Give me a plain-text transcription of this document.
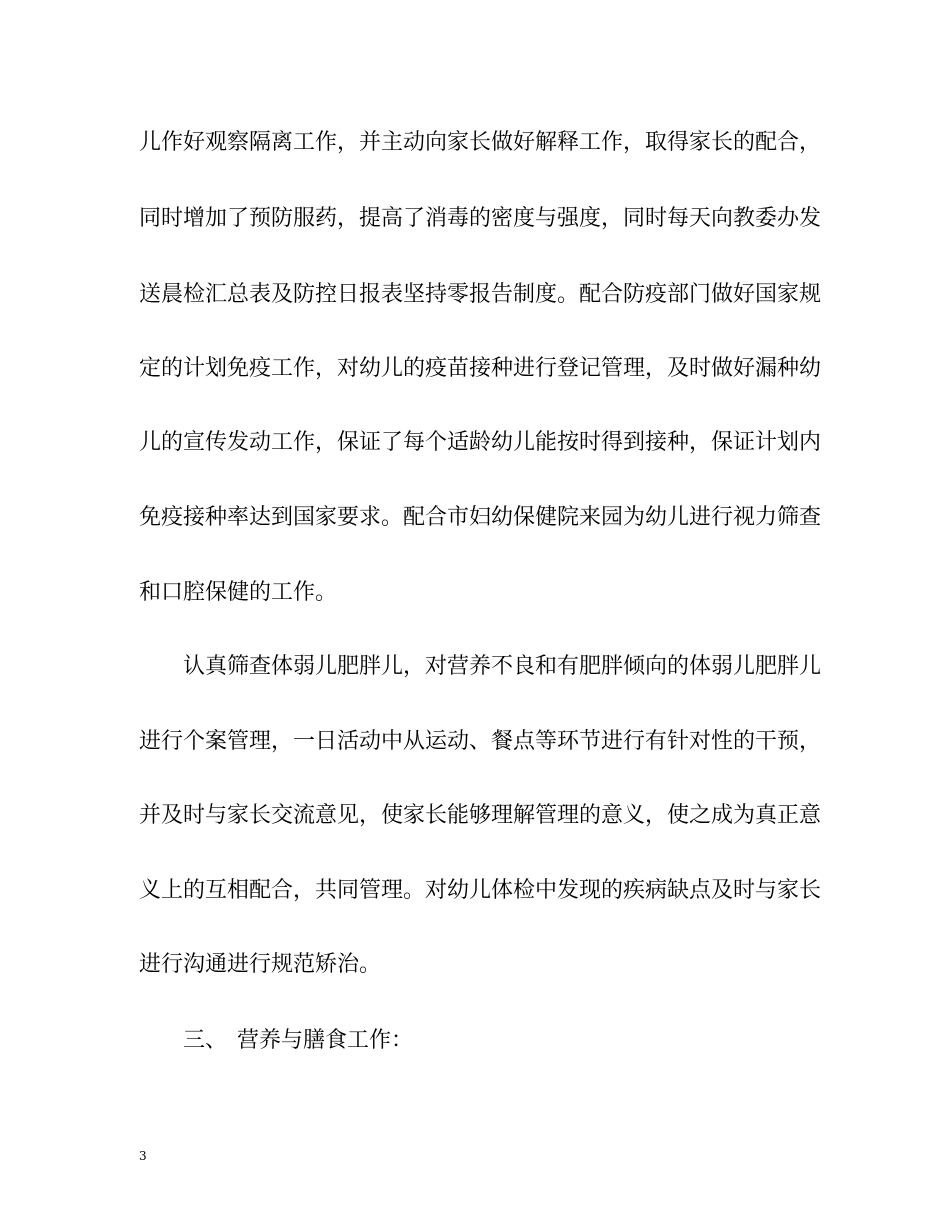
儿作好观察隔离工作，并主动向家长做好解释工作，取得家长的配合，
同时增加了预防服药，提高了消毒的密度与强度，同时每天向教委办发
送晨检汇总表及防控日报表坚持零报告制度。配合防疫部门做好国家规
定的计划免疫工作，对幼儿的疫苗接种进行登记管理，及时做好漏种幼
儿的宣传发动工作，保证了每个适龄幼儿能按时得到接种，保证计划内
免疫接种率达到国家要求。配合市妇幼保健院来园为幼儿进行视力筛查
和口腔保健的工作。
认真筛查体弱儿肥胖儿，对营养不良和有肥胖倾向的体弱儿肥胖儿
进行个案管理，一日活动中从运动、餐点等环节进行有针对性的干预，
并及时与家长交流意见，使家长能够理解管理的意义，使之成为真正意
义上的互相配合，共同管理。对幼儿体检中发现的疾病缺点及时与家长
进行沟通进行规范矫治。
三、 营养与膳食工作：
3
